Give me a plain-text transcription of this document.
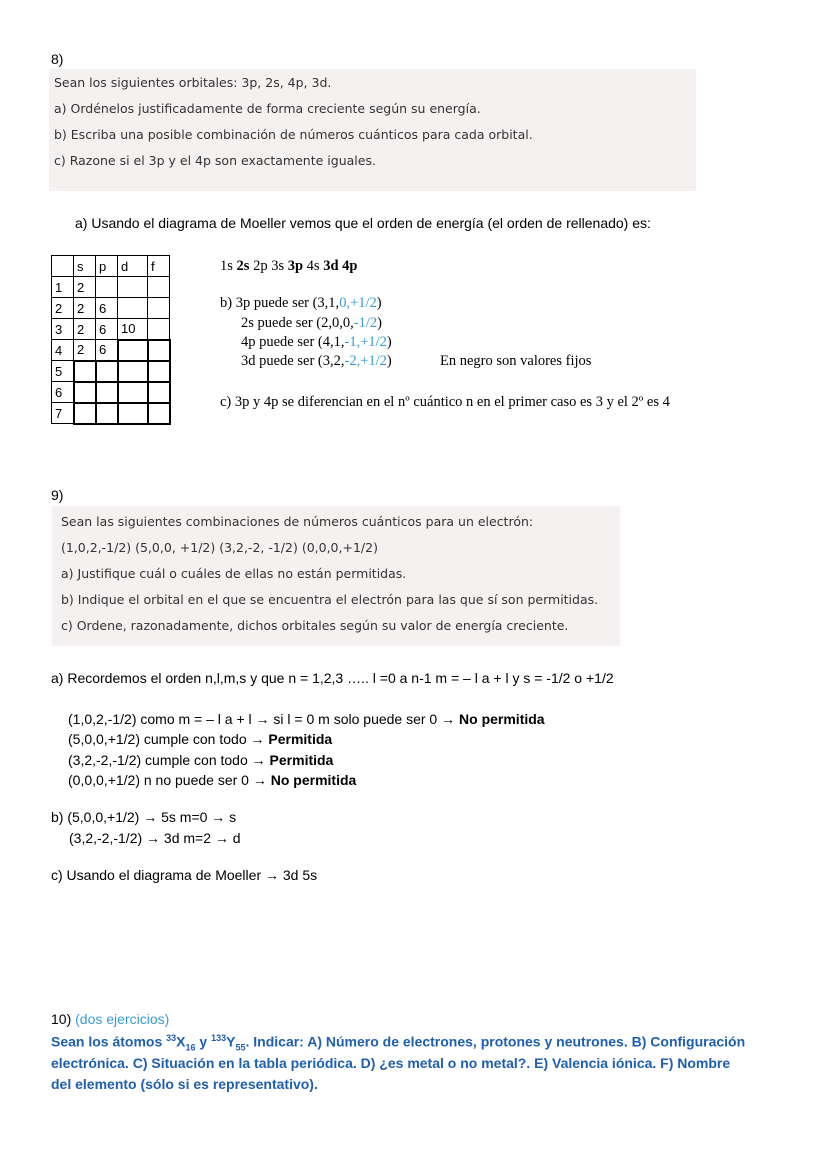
8)
Sean los siguientes orbitales: 3p, 2s, 4p, 3d.
a) Ordénelos justificadamente de forma creciente según su energía.
b) Escriba una posible combinación de números cuánticos para cada orbital.
c) Razone si el 3p y el 4p son exactamente iguales.
a) Usando el diagrama de Moeller vemos que el orden de energía (el orden de rellenado) es:
	s	p	d	f
1	2			
2	2	6		
3	2	6	10	
4	2	6		
5				
6				
7				
1s 2s 2p 3s 3p 4s 3d 4p
b) 3p puede ser (3,1,0,+1/2)
2s puede ser (2,0,0,-1/2)
4p puede ser (4,1,-1,+1/2)
3d puede ser (3,2,-2,+1/2)	En negro son valores fijos
c) 3p y 4p se diferencian en el nº cuántico n en el primer caso es 3 y el 2º es 4
9)
Sean las siguientes combinaciones de números cuánticos para un electrón:
(1,0,2,-1/2) (5,0,0, +1/2) (3,2,-2, -1/2) (0,0,0,+1/2)
a) Justifique cuál o cuáles de ellas no están permitidas.
b) Indique el orbital en el que se encuentra el electrón para las que sí son permitidas.
c) Ordene, razonadamente, dichos orbitales según su valor de energía creciente.
a) Recordemos el orden n,l,m,s y que n = 1,2,3 ….. l =0 a n-1 m = – l a + l y s = -1/2 o +1/2
(1,0,2,-1/2) como m = – l a + l → si l = 0 m solo puede ser 0 → No permitida
(5,0,0,+1/2) cumple con todo → Permitida
(3,2,-2,-1/2) cumple con todo → Permitida
(0,0,0,+1/2) n no puede ser 0 → No permitida
b) (5,0,0,+1/2) → 5s m=0 → s
(3,2,-2,-1/2) → 3d m=2 → d
c) Usando el diagrama de Moeller → 3d 5s
10) (dos ejercicios)
Sean los átomos $^{33}X_{16}$ y $^{133}Y_{55}$. Indicar: A) Número de electrones, protones y neutrones. B) Configuración
electrónica. C) Situación en la tabla periódica. D) ¿es metal o no metal?. E) Valencia iónica. F) Nombre
del elemento (sólo si es representativo).
